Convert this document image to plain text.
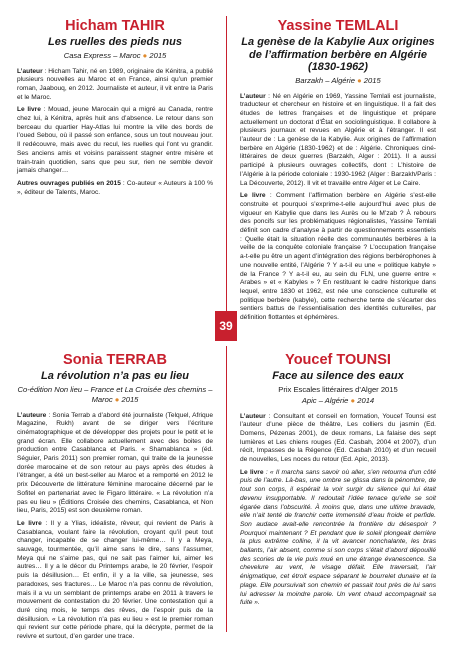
39
Hicham TAHIR
Les ruelles des pieds nus
Casa Express – Maroc ● 2015

L’auteur : Hicham Tahir, né en 1989, originaire de Kénitra, a publié plusieurs nouvelles au Maroc et en France, ainsi qu’un premier roman, Jaabouq, en 2012. Journaliste et auteur, il vit entre la Paris et le Maroc.

Le livre : Mouad, jeune Marocain qui a migré au Canada, rentre chez lui, à Kénitra, après huit ans d’absence. Le retour dans son berceau du quartier Hay-Atlas lui montre la ville des bords de l’oued Sebou, où il passé son enfance, sous un tout nouveau jour. Il redécouvre, mais avec du recul, les ruelles qui l’ont vu grandir. Ses anciens amis et voisins paraissent stagner entre misère et train-train quotidien, sans que peu sur, rien ne semble devoir jamais changer…

Autres ouvrages publiés en 2015 : Co-auteur « Auteurs à 100 % », éditeur de Talents, Maroc.

Yassine TEMLALI
La genèse de la Kabylie Aux origines de l’affirmation berbère en Algérie (1830-1962)
Barzakh – Algérie ● 2015

L’auteur : Né en Algérie en 1969, Yassine Temlali est journaliste, traducteur et chercheur en histoire et en linguistique. Il a fait des études de lettres françaises et de linguistique et prépare actuellement un doctorat d’État en sociolinguistique. Il collabore à plusieurs journaux et revues en Algérie et à l’étranger. Il est l’auteur de : La genèse de la Kabylie. Aux origines de l’affirmation berbère en Algérie (1830-1962) et de : Algérie. Chroniques ciné-littéraires de deux guerres (Barzakh, Alger : 2011). Il a aussi participé à plusieurs ouvrages collectifs, dont : L’histoire de l’Algérie à la période coloniale : 1930-1962 (Alger : Barzakh/Paris : La Découverte, 2012). Il vit et travaille entre Alger et Le Caire.

Le livre : Comment l’affirmation berbère en Algérie s’est-elle construite et pourquoi s’exprime-t-elle aujourd’hui avec plus de vigueur en Kabylie que dans les Aurès ou le M’zab ? À rebours des poncifs sur les problématiques régionalistes, Yassine Temlali définit son cadre d’analyse à partir de questionnements essentiels : Quelle était la situation réelle des communautés berbères à la veille de la conquête coloniale française ? L’occupation française a-t-elle pu être un agent d’intégration des régions berbérophones à une nouvelle entité, l’Algérie ? Y a-t-il eu une « politique kabyle » de la France ? Y a-t-il eu, au sein du FLN, une guerre entre « Arabes » et « Kabyles » ? En restituant le cadre historique dans lequel, entre 1830 et 1962, est née une conscience culturelle et politique berbère (kabyle), cette recherche tente de s’écarter des sentiers battus de l’essentialisation des identités culturelles, par définition flottantes et éphémères.

Sonia TERRAB
La révolution n’a pas eu lieu
Co-édition Non lieu – France et La Croisée des chemins – Maroc ● 2015

L’auteure : Sonia Terrab a d’abord été journaliste (Telquel, Afrique Magazine, Rukh) avant de se diriger vers l’écriture cinématographique et de développer des projets pour le petit et le grand écran. Elle collabore actuellement avec des boites de production entre Casablanca et Paris. « Shamablanca » (éd. Séguier, Paris 2011) son premier roman, qui traite de la jeunesse dorée marocaine et de son retour au pays après des études à l’étranger, a été un best-seller au Maroc et a remporté en 2012 le prix Découverte de littérature féminine marocaine décerné par le Sofitel en partenariat avec le Figaro littéraire. « La révolution n’a pas eu lieu » (Éditions Croisée des chemins, Casablanca, et Non lieu, Paris, 2015) est son deuxième roman.

Le livre : Il y a Ylias, idéaliste, rêveur, qui revient de Paris à Casablanca, voulant faire la révolution, croyant qu’il peut tout changer, incapable de se changer lui-même… Il y a Meya, sauvage, tourmentée, qu’il aime sans le dire, sans l’assumer, Meya qui ne s’aime pas, qui ne sait pas l’aimer lui, aimer les autres… Il y a le décor du Printemps arabe, le 20 février, l’espoir puis la désillusion… Et enfin, il y a la ville, sa jeunesse, ses paradoxes, ses fractures… Le Maroc n’a pas connu de révolution, mais il a vu un semblant de printemps arabe en 2011 à travers le mouvement de contestation du 20 février. Une contestation qui a duré cinq mois, le temps des rêves, de l’espoir puis de la désillusion. « La révolution n’a pas eu lieu » est le premier roman qui revient sur cette période phare, qui la décrypte, permet de la revivre et surtout, d’en garder une trace.

Youcef TOUNSI
Face au silence des eaux
Prix Escales littéraires d’Alger 2015
Apic – Algérie ● 2014

L’auteur : Consultant et conseil en formation, Youcef Tounsi est l’auteur d’une pièce de théâtre, Les colliers du jasmin (Ed. Domens, Pézenas 2001), de deux romans, La falaise des sept lumières et Les chiens rouges (Ed. Casbah, 2004 et 2007), d’un récit, Impasses de la Régence (Ed. Casbah 2010) et d’un recueil de nouvelles, Les noces du retour (Ed. Apic, 2013).

Le livre : « Il marcha sans savoir où aller, s’en retourna d’un côté puis de l’autre. Là-bas, une ombre se glissa dans la pénombre, de tout son corps, il espérait la voir surgir du silence qui lui était devenu insupportable. Il redoutait l’idée tenace qu’elle se soit égarée dans l’obscurité. À moins que, dans une ultime bravade, elle n’ait tenté de franchir cette immensité d’eau froide et perfide. Son audace avait-elle rencontrée la frontière du désespoir ? Pourquoi maintenant ? Et pendant que le soleil plongeait derrière la plus extrême colline, il la vit avancer nonchalante, les bras ballants, l’air absent, comme si son corps s’était d’abord dépouillé des scories de la vie puis mué en une étrange évanescence. Sa chevelure au vent, le visage défait. Elle traversait, l’air énigmatique, cet étroit espace séparant le bourrelet dunaire et la plage. Elle poursuivait son chemin et passait tout près de lui sans lui adresser la moindre parole. Un vent chaud accompagnait sa fuite ».
